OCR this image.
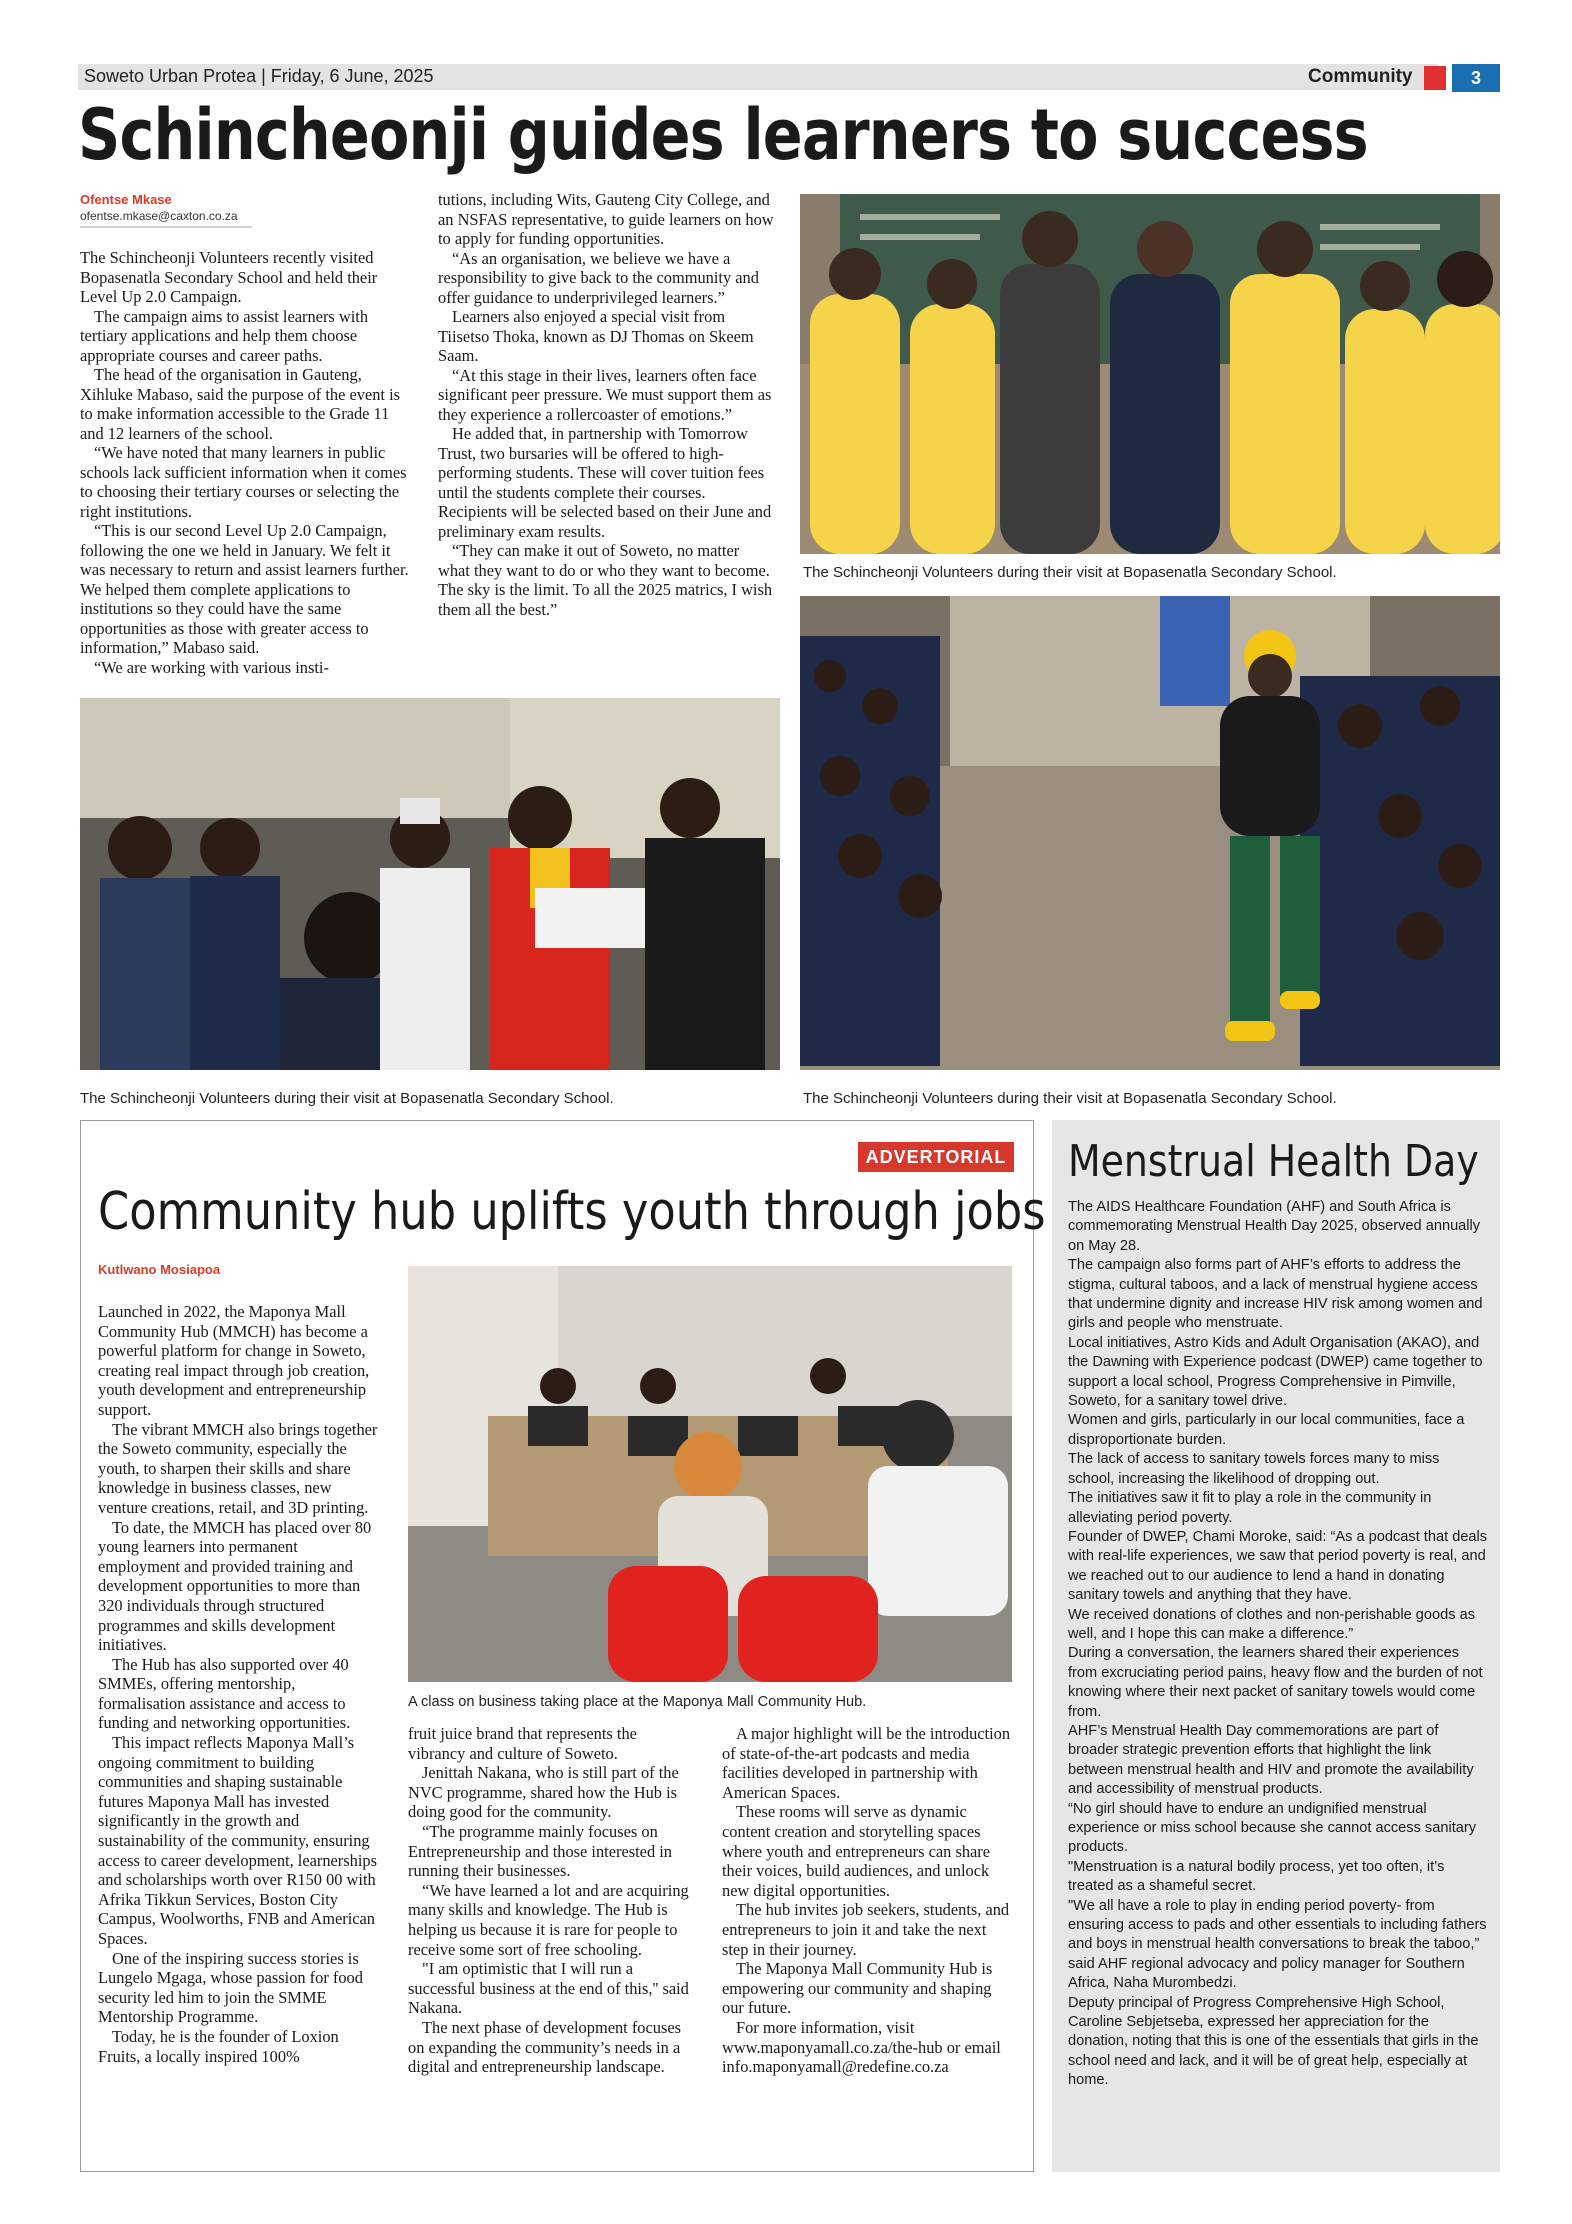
Soweto Urban Protea | Friday, 6 June, 2025	Community	3
Schincheonji guides learners to success
Ofentse Mkase
ofentse.mkase@caxton.co.za

The Schincheonji Volunteers recently visited Bopasenatla Secondary School and held their Level Up 2.0 Campaign.

The campaign aims to assist learners with tertiary applications and help them choose appropriate courses and career paths.

The head of the organisation in Gauteng, Xihluke Mabaso, said the purpose of the event is to make information accessible to the Grade 11 and 12 learners of the school.

“We have noted that many learners in public schools lack sufficient information when it comes to choosing their tertiary courses or selecting the right institutions.

“This is our second Level Up 2.0 Campaign, following the one we held in January. We felt it was necessary to return and assist learners further. We helped them complete applications to institutions so they could have the same opportunities as those with greater access to information,” Mabaso said.

“We are working with various insti-

tutions, including Wits, Gauteng City College, and an NSFAS representative, to guide learners on how to apply for funding opportunities.

“As an organisation, we believe we have a responsibility to give back to the community and offer guidance to underprivileged learners.”

Learners also enjoyed a special visit from Tiisetso Thoka, known as DJ Thomas on Skeem Saam.

“At this stage in their lives, learners often face significant peer pressure. We must support them as they experience a rollercoaster of emotions.”

He added that, in partnership with Tomorrow Trust, two bursaries will be offered to high-performing students. These will cover tuition fees until the students complete their courses. Recipients will be selected based on their June and preliminary exam results.

“They can make it out of Soweto, no matter what they want to do or who they want to become. The sky is the limit. To all the 2025 matrics, I wish them all the best.”

The Schincheonji Volunteers during their visit at Bopasenatla Secondary School.
The Schincheonji Volunteers during their visit at Bopasenatla Secondary School.	The Schincheonji Volunteers during their visit at Bopasenatla Secondary School.
ADVERTORIAL
Community hub uplifts youth through jobs
Kutlwano Mosiapoa

Launched in 2022, the Maponya Mall Community Hub (MMCH) has become a powerful platform for change in Soweto, creating real impact through job creation, youth development and entrepreneurship support.

The vibrant MMCH also brings together the Soweto community, especially the youth, to sharpen their skills and share knowledge in business classes, new venture creations, retail, and 3D printing.

To date, the MMCH has placed over 80 young learners into permanent employment and provided training and development opportunities to more than 320 individuals through structured programmes and skills development initiatives.

The Hub has also supported over 40 SMMEs, offering mentorship, formalisation assistance and access to funding and networking opportunities.

This impact reflects Maponya Mall’s ongoing commitment to building communities and shaping sustainable futures Maponya Mall has invested significantly in the growth and sustainability of the community, ensuring access to career development, learnerships and scholarships worth over R150 00 with Afrika Tikkun Services, Boston City Campus, Woolworths, FNB and American Spaces.

One of the inspiring success stories is Lungelo Mgaga, whose passion for food security led him to join the SMME Mentorship Programme.

Today, he is the founder of Loxion Fruits, a locally inspired 100%

A class on business taking place at the Maponya Mall Community Hub.

fruit juice brand that represents the vibrancy and culture of Soweto.

Jenittah Nakana, who is still part of the NVC programme, shared how the Hub is doing good for the community.

“The programme mainly focuses on Entrepreneurship and those interested in running their businesses.

“We have learned a lot and are acquiring many skills and knowledge. The Hub is helping us because it is rare for people to receive some sort of free schooling.

"I am optimistic that I will run a successful business at the end of this,'' said Nakana.

The next phase of development focuses on expanding the community’s needs in a digital and entrepreneurship landscape.

A major highlight will be the introduction of state-of-the-art podcasts and media facilities developed in partnership with American Spaces.

These rooms will serve as dynamic content creation and storytelling spaces where youth and entrepreneurs can share their voices, build audiences, and unlock new digital opportunities.

The hub invites job seekers, students, and entrepreneurs to join it and take the next step in their journey.

The Maponya Mall Community Hub is empowering our community and shaping our future.

For more information, visit www.maponyamall.co.za/the-hub or email info.maponyamall@redefine.co.za

Menstrual Health Day

The AIDS Healthcare Foundation (AHF) and South Africa is commemorating Menstrual Health Day 2025, observed annually on May 28.

The campaign also forms part of AHF’s efforts to address the stigma, cultural taboos, and a lack of menstrual hygiene access that undermine dignity and increase HIV risk among women and girls and people who menstruate.

Local initiatives, Astro Kids and Adult Organisation (AKAO), and the Dawning with Experience podcast (DWEP) came together to support a local school, Progress Comprehensive in Pimville, Soweto, for a sanitary towel drive.

Women and girls, particularly in our local communities, face a disproportionate burden.

The lack of access to sanitary towels forces many to miss school, increasing the likelihood of dropping out.

The initiatives saw it fit to play a role in the community in alleviating period poverty.

Founder of DWEP, Chami Moroke, said: “As a podcast that deals with real-life experiences, we saw that period poverty is real, and we reached out to our audience to lend a hand in donating sanitary towels and anything that they have.

We received donations of clothes and non-perishable goods as well, and I hope this can make a difference.”

During a conversation, the learners shared their experiences from excruciating period pains, heavy flow and the burden of not knowing where their next packet of sanitary towels would come from.

AHF’s Menstrual Health Day commemorations are part of broader strategic prevention efforts that highlight the link between menstrual health and HIV and promote the availability and accessibility of menstrual products.

“No girl should have to endure an undignified menstrual experience or miss school because she cannot access sanitary products.

"Menstruation is a natural bodily process, yet too often, it’s treated as a shameful secret.

"We all have a role to play in ending period poverty- from ensuring access to pads and other essentials to including fathers and boys in menstrual health conversations to break the taboo,” said AHF regional advocacy and policy manager for Southern Africa, Naha Murombedzi.

Deputy principal of Progress Comprehensive High School, Caroline Sebjetseba, expressed her appreciation for the donation, noting that this is one of the essentials that girls in the school need and lack, and it will be of great help, especially at home.
